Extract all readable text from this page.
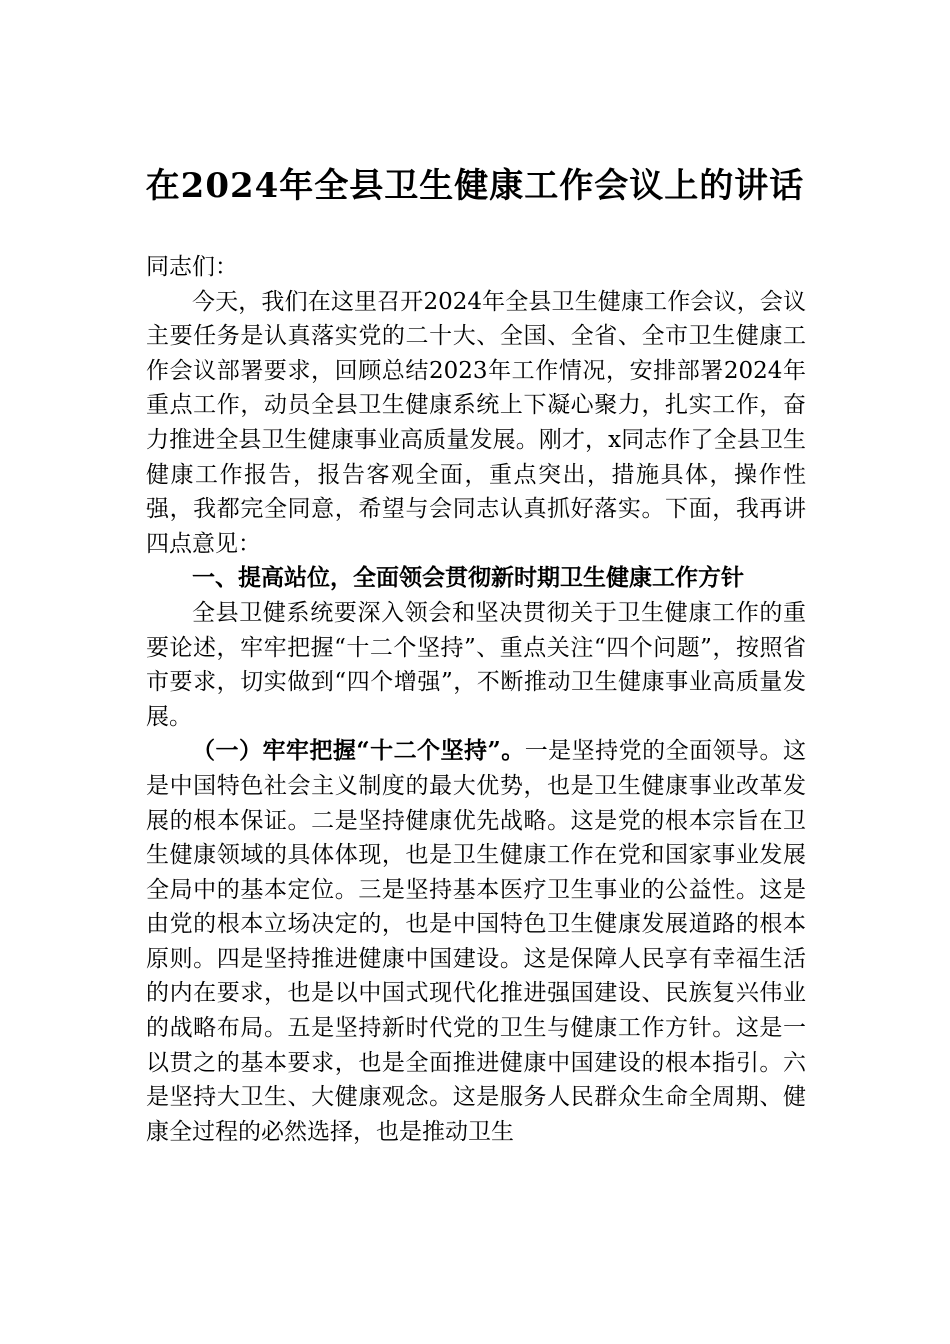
在2024年全县卫生健康工作会议上的讲话

同志们：

今天，我们在这里召开2024年全县卫生健康工作会议，会议主要任务是认真落实党的二十大、全国、全省、全市卫生健康工作会议部署要求，回顾总结2023年工作情况，安排部署2024年重点工作，动员全县卫生健康系统上下凝心聚力，扎实工作，奋力推进全县卫生健康事业高质量发展。刚才，x同志作了全县卫生健康工作报告，报告客观全面，重点突出，措施具体，操作性强，我都完全同意，希望与会同志认真抓好落实。下面，我再讲四点意见：

一、提高站位，全面领会贯彻新时期卫生健康工作方针

全县卫健系统要深入领会和坚决贯彻关于卫生健康工作的重要论述，牢牢把握“十二个坚持”、重点关注“四个问题”，按照省市要求，切实做到“四个增强”，不断推动卫生健康事业高质量发展。

（一）牢牢把握“十二个坚持”。一是坚持党的全面领导。这是中国特色社会主义制度的最大优势，也是卫生健康事业改革发展的根本保证。二是坚持健康优先战略。这是党的根本宗旨在卫生健康领域的具体体现，也是卫生健康工作在党和国家事业发展全局中的基本定位。三是坚持基本医疗卫生事业的公益性。这是由党的根本立场决定的，也是中国特色卫生健康发展道路的根本原则。四是坚持推进健康中国建设。这是保障人民享有幸福生活的内在要求，也是以中国式现代化推进强国建设、民族复兴伟业的战略布局。五是坚持新时代党的卫生与健康工作方针。这是一以贯之的基本要求，也是全面推进健康中国建设的根本指引。六是坚持大卫生、大健康观念。这是服务人民群众生命全周期、健康全过程的必然选择，也是推动卫生
